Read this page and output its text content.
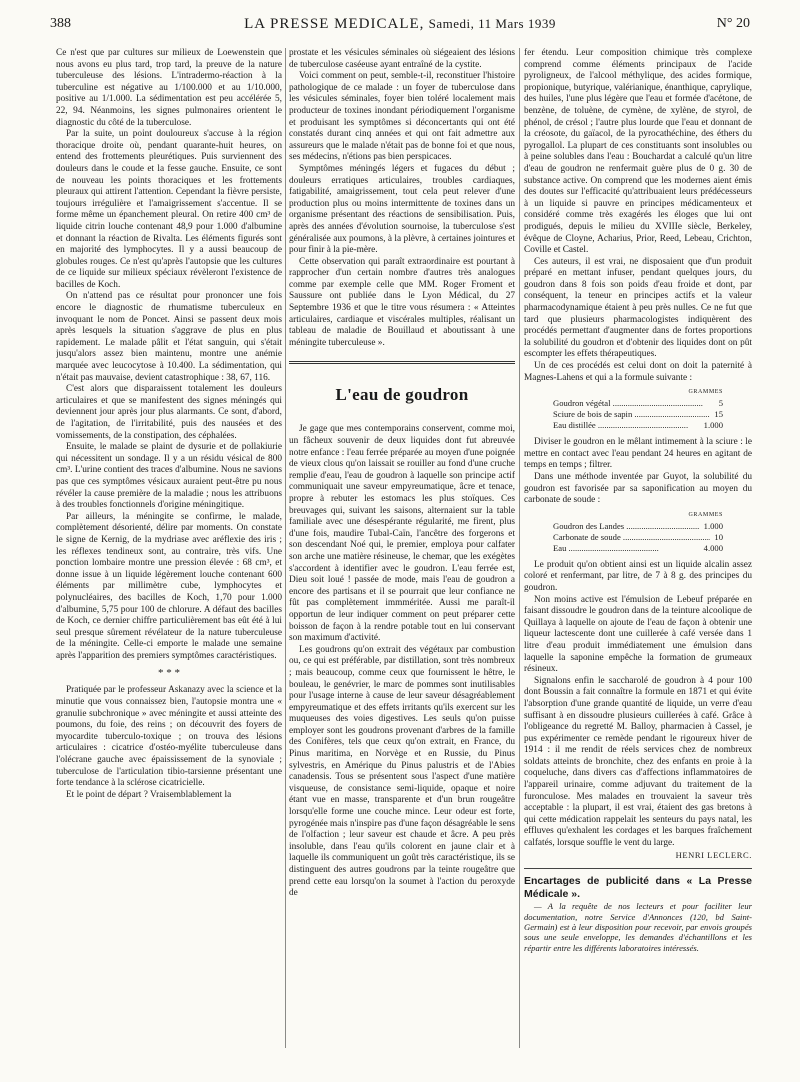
388	LA PRESSE MEDICALE, Samedi, 11 Mars 1939	N° 20

Ce n'est que par cultures sur milieux de Loewenstein que nous avons eu plus tard, trop tard, la preuve de la nature tuberculeuse des lésions. L'intradermo-réaction à la tuberculine est négative au 1/100.000 et au 1/10.000, positive au 1/1.000. La sédimentation est peu accélérée 5, 22, 94. Néanmoins, les signes pulmonaires orientent le diagnostic du côté de la tuberculose.

Par la suite, un point douloureux s'accuse à la région thoracique droite où, pendant quarante-huit heures, on entend des frottements pleurétiques. Puis surviennent des douleurs dans le coude et la fesse gauche. Ensuite, ce sont de nouveau les points thoraciques et les frottements pleuraux qui attirent l'attention. Cependant la fièvre persiste, toujours irrégulière et l'amaigrissement s'accentue. Il se forme même un épanchement pleural. On retire 400 cm³ de liquide citrin louche contenant 48,9 pour 1.000 d'albumine et donnant la réaction de Rivalta. Les éléments figurés sont en majorité des lymphocytes. Il y a aussi beaucoup de globules rouges. Ce n'est qu'après l'autopsie que les cultures de ce liquide sur milieux spéciaux révèleront l'existence de bacilles de Koch.

On n'attend pas ce résultat pour prononcer une fois encore le diagnostic de rhumatisme tuberculeux en invoquant le nom de Poncet. Ainsi se passent deux mois après lesquels la situation s'aggrave de plus en plus rapidement. Le malade pâlit et l'état sanguin, qui s'était jusqu'alors assez bien maintenu, montre une anémie marquée avec leucocytose à 10.400. La sédimentation, qui n'était pas mauvaise, devient catastrophique : 38, 67, 116.

C'est alors que disparaissent totalement les douleurs articulaires et que se manifestent des signes méningés qui deviennent jour après jour plus alarmants. Ce sont, d'abord, de l'agitation, de l'irritabilité, puis des nausées et des vomissements, de la constipation, des céphalées.

Ensuite, le malade se plaint de dysurie et de pollakiurie qui nécessitent un sondage. Il y a un résidu vésical de 800 cm³. L'urine contient des traces d'albumine. Nous ne savions pas que ces symptômes vésicaux auraient peut-être pu nous révéler la cause première de la maladie ; nous les attribuons à des troubles fonctionnels d'origine méningitique.

Par ailleurs, la méningite se confirme, le malade, complètement désorienté, délire par moments. On constate le signe de Kernig, de la mydriase avec aréflexie des iris ; les réflexes tendineux sont, au contraire, très vifs. Une ponction lombaire montre une pression élevée : 68 cm³, et donne issue à un liquide légèrement louche contenant 600 éléments par millimètre cube, lymphocytes et polynucléaires, des bacilles de Koch, 1,70 pour 1.000 d'albumine, 5,75 pour 100 de chlorure. A défaut des bacilles de Koch, ce dernier chiffre particulièrement bas eût été à lui seul presque sûrement révélateur de la nature tuberculeuse de la méningite. Celle-ci emporte le malade une semaine après l'apparition des premiers symptômes caractéristiques.

* * *

Pratiquée par le professeur Askanazy avec la science et la minutie que vous connaissez bien, l'autopsie montra une « granulie subchronique » avec méningite et aussi atteinte des poumons, du foie, des reins ; on découvrit des foyers de myocardite tuberculo-toxique ; on trouva des lésions articulaires : cicatrice d'ostéo-myélite tuberculeuse dans l'olécrane gauche avec épaississement de la synoviale ; tuberculose de l'articulation tibio-tarsienne présentant une forte tendance à la sclérose cicatricielle.

Et le point de départ ? Vraisemblablement la

prostate et les vésicules séminales où siégeaient des lésions de tuberculose caséeuse ayant entraîné de la cystite.

Voici comment on peut, semble-t-il, reconstituer l'histoire pathologique de ce malade : un foyer de tuberculose dans les vésicules séminales, foyer bien toléré localement mais producteur de toxines inondant périodiquement l'organisme et produisant les symptômes si déconcertants qui ont été constatés durant cinq années et qui ont fait admettre aux assureurs que le malade n'était pas de bonne foi et que nous, ses médecins, n'étions pas bien perspicaces.

Symptômes méningés légers et fugaces du début ; douleurs erratiques articulaires, troubles cardiaques, fatigabilité, amaigrissement, tout cela peut relever d'une production plus ou moins intermittente de toxines dans un organisme présentant des réactions de sensibilisation. Puis, après des années d'évolution sournoise, la tuberculose s'est généralisée aux poumons, à la plèvre, à certaines jointures et pour finir à la pie-mère.

Cette observation qui paraît extraordinaire est pourtant à rapprocher d'un certain nombre d'autres très analogues comme par exemple celle que MM. Roger Froment et Saussure ont publiée dans le Lyon Médical, du 27 Septembre 1936 et que le titre vous résumera : « Atteintes articulaires, cardiaque et viscérales multiples, réalisant un tableau de maladie de Bouillaud et aboutissant à une méningite tuberculeuse ».

L'eau de goudron

Je gage que mes contemporains conservent, comme moi, un fâcheux souvenir de deux liquides dont fut abreuvée notre enfance : l'eau ferrée préparée au moyen d'une poignée de vieux clous qu'on laissait se rouiller au fond d'une cruche remplie d'eau, l'eau de goudron à laquelle son principe actif communiquait une saveur empyreumatique, âcre et tenace, propre à rebuter les estomacs les plus stoïques. Ces breuvages qui, suivant les saisons, alternaient sur la table familiale avec une désespérante régularité, me firent, plus d'une fois, maudire Tubal-Caïn, l'ancêtre des forgerons et son descendant Noé qui, le premier, employa pour calfater son arche une matière résineuse, le chemar, que les exégètes s'accordent à identifier avec le goudron. L'eau ferrée est, Dieu soit loué ! passée de mode, mais l'eau de goudron a encore des partisans et il se pourrait que leur confiance ne fût pas complètement immméritée. Aussi me paraît-il opportun de leur indiquer comment on peut préparer cette boisson de façon à la rendre potable tout en lui conservant son maximum d'activité.

Les goudrons qu'on extrait des végétaux par combustion ou, ce qui est préférable, par distillation, sont très nombreux ; mais beaucoup, comme ceux que fournissent le hêtre, le bouleau, le genévrier, le marc de pommes sont inutilisables pour l'usage interne à cause de leur saveur désagréablement empyreumatique et des effets irritants qu'ils exercent sur les muqueuses des voies digestives. Les seuls qu'on puisse employer sont les goudrons provenant d'arbres de la famille des Conifères, tels que ceux qu'on extrait, en France, du Pinus maritima, en Norvège et en Russie, du Pinus sylvestris, en Amérique du Pinus palustris et de l'Abies canadensis. Tous se présentent sous l'aspect d'une matière visqueuse, de consistance semi-liquide, opaque et noire étant vue en masse, transparente et d'un brun rougeâtre lorsqu'elle forme une couche mince. Leur odeur est forte, pyrogénée mais n'inspire pas d'une façon désagréable le sens de l'olfaction ; leur saveur est chaude et âcre. A peu près insoluble, dans l'eau qu'ils colorent en jaune clair et à laquelle ils communiquent un goût très caractéristique, ils se distinguent des autres goudrons par la teinte rougeâtre que prend cette eau lorsqu'on la soumet à l'action du peroxyde de

fer étendu. Leur composition chimique très complexe comprend comme éléments principaux de l'acide pyroligneux, de l'alcool méthylique, des acides formique, propionique, butyrique, valérianique, énanthique, caprylique, des huiles, l'une plus légère que l'eau et formée d'acétone, de benzène, de toluène, de cymène, de xylène, de styrol, de phénol, de crésol ; l'autre plus lourde que l'eau et donnant de la créosote, du gaïacol, de la pyrocathéchine, des éthers du pyrogallol. La plupart de ces constituants sont insolubles ou à peine solubles dans l'eau : Bouchardat a calculé qu'un litre d'eau de goudron ne renfermait guère plus de 0 g. 30 de substance active. On comprend que les modernes aient émis des doutes sur l'efficacité qu'attribuaient leurs prédécesseurs à un liquide si pauvre en principes médicamenteux et considéré comme très exagérés les éloges que lui ont prodigués, depuis le milieu du XVIIIe siècle, Berkeley, évêque de Cloyne, Acharius, Prior, Reed, Lebeau, Crichton, Coville et Castel.

Ces auteurs, il est vrai, ne disposaient que d'un produit préparé en mettant infuser, pendant quelques jours, du goudron dans 8 fois son poids d'eau froide et dont, par conséquent, la teneur en principes actifs et la valeur pharmacodynamique étaient à peu près nulles. Ce ne fut que tard que plusieurs pharmacologistes indiquèrent des procédés permettant d'augmenter dans de fortes proportions la solubilité du goudron et d'obtenir des liquides dont on pût escompter les effets thérapeutiques.

Un de ces procédés est celui dont on doit la paternité à Magnes-Lahens et qui a la formule suivante :

GRAMMES
Goudron végétal .....	5
Sciure de bois de sapin .....	15
Eau distillée .....	1.000

Diviser le goudron en le mêlant intimement à la sciure : le mettre en contact avec l'eau pendant 24 heures en agitant de temps en temps ; filtrer.

Dans une méthode inventée par Guyot, la solubilité du goudron est favorisée par sa saponification au moyen du carbonate de soude :

GRAMMES
Goudron des Landes .....	1.000
Carbonate de soude .....	10
Eau .....	4.000

Le produit qu'on obtient ainsi est un liquide alcalin assez coloré et renfermant, par litre, de 7 à 8 g. des principes du goudron.

Non moins active est l'émulsion de Lebeuf préparée en faisant dissoudre le goudron dans de la teinture alcoolique de Quillaya à laquelle on ajoute de l'eau de façon à obtenir une liqueur lactescente dont une cuillerée à café versée dans 1 litre d'eau produit immédiatement une émulsion dans laquelle la saponine empêche la formation de grumeaux résineux.

Signalons enfin le saccharolé de goudron à 4 pour 100 dont Boussin a fait connaître la formule en 1871 et qui évite l'absorption d'une grande quantité de liquide, un verre d'eau suffisant à en dissoudre plusieurs cuillerées à café. Grâce à l'obligeance du regretté M. Balloy, pharmacien à Cassel, je pus expérimenter ce remède pendant le rigoureux hiver de 1914 : il me rendit de réels services chez de nombreux soldats atteints de bronchite, chez des enfants en proie à la coqueluche, dans divers cas d'affections inflammatoires de l'appareil urinaire, comme adjuvant du traitement de la furonculose. Mes malades en trouvaient la saveur très acceptable : la plupart, il est vrai, étaient des gas bretons à qui cette médication rappelait les senteurs du pays natal, les effluves qu'exhalent les cordages et les barques fraîchement calfatés, lorsque souffle le vent du large.

HENRI LECLERC.

Encartages de publicité dans « La Presse Médicale ».

— A la requête de nos lecteurs et pour faciliter leur documentation, notre Service d'Annonces (120, bd Saint-Germain) est à leur disposition pour recevoir, par envois groupés sous une seule enveloppe, les demandes d'échantillons et les répartir entre les différents laboratoires intéressés.
